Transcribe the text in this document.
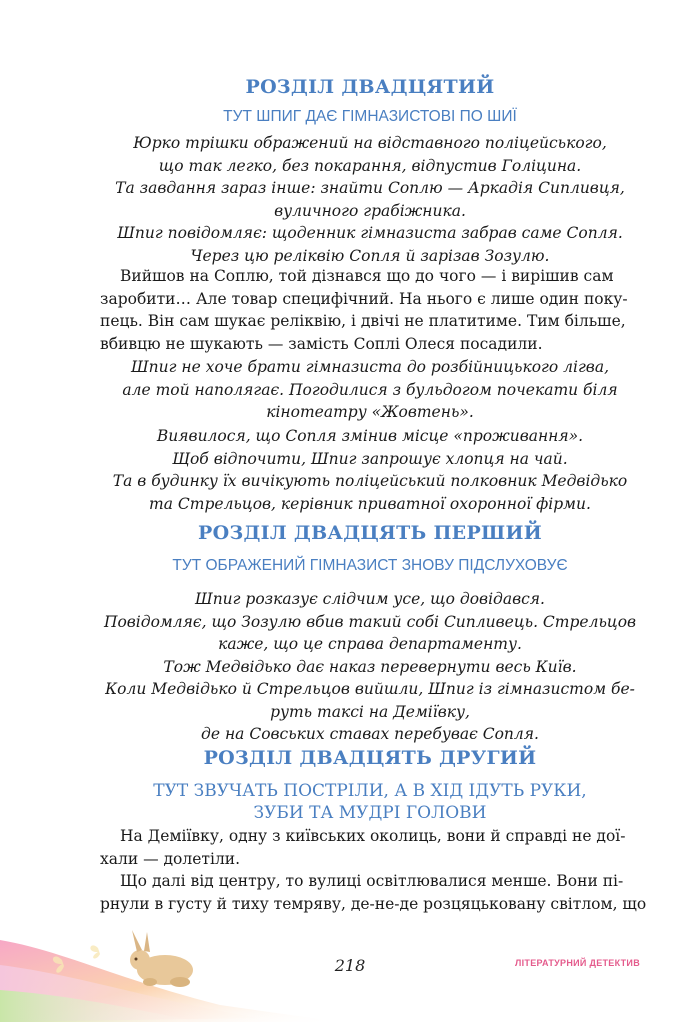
РОЗДІЛ ДВАДЦЯТИЙ
ТУТ ШПИГ ДАЄ ГІМНАЗИСТОВІ ПО ШИЇ

Юрко трішки ображений на відставного поліцейського,

що так легко, без покарання, відпустив Голіцина.

Та завдання зараз інше: знайти Соплю — Аркадія Сипливця,

вуличного грабіжника.

Шпиг повідомляє: щоденник гімназиста забрав саме Сопля.

Через цю реліквію Сопля й зарізав Зозулю.

Вийшов на Соплю, той дізнався що до чого — і вирішив сам

заробити… Але товар специфічний. На нього є лише один поку-

пець. Він сам шукає реліквію, і двічі не платитиме. Тим більше,

вбивцю не шукають — замість Соплі Олеся посадили.

Шпиг не хоче брати гімназиста до розбійницького лігва,

але той наполягає. Погодилися з бульдогом почекати біля

кінотеатру «Жовтень».

Виявилося, що Сопля змінив місце «проживання».

Щоб відпочити, Шпиг запрошує хлопця на чай.

Та в будинку їх вичікують поліцейський полковник Медвідько

та Стрельцов, керівник приватної охоронної фірми.

РОЗДІЛ ДВАДЦЯТЬ ПЕРШИЙ
ТУТ ОБРАЖЕНИЙ ГІМНАЗИСТ ЗНОВУ ПІДСЛУХОВУЄ

Шпиг розказує слідчим усе, що довідався.

Повідомляє, що Зозулю вбив такий собі Сипливець. Стрельцов

каже, що це справа департаменту.

Тож Медвідько дає наказ перевернути весь Київ.

Коли Медвідько й Стрельцов вийшли, Шпиг із гімназистом бе-

руть таксі на Деміївку,

де на Совських ставах перебуває Сопля.

РОЗДІЛ ДВАДЦЯТЬ ДРУГИЙ
ТУТ ЗВУЧАТЬ ПОСТРІЛИ, А В ХІД ІДУТЬ РУКИ,
ЗУБИ ТА МУДРІ ГОЛОВИ

На Деміївку, одну з київських околиць, вони й справді не дої-

хали — долетіли.

Що далі від центру, то вулиці освітлювалися менше. Вони пі-

рнули в густу й тиху темряву, де-не-де розцяцьковану світлом, що

218	ЛІТЕРАТУРНИЙ ДЕТЕКТИВ
